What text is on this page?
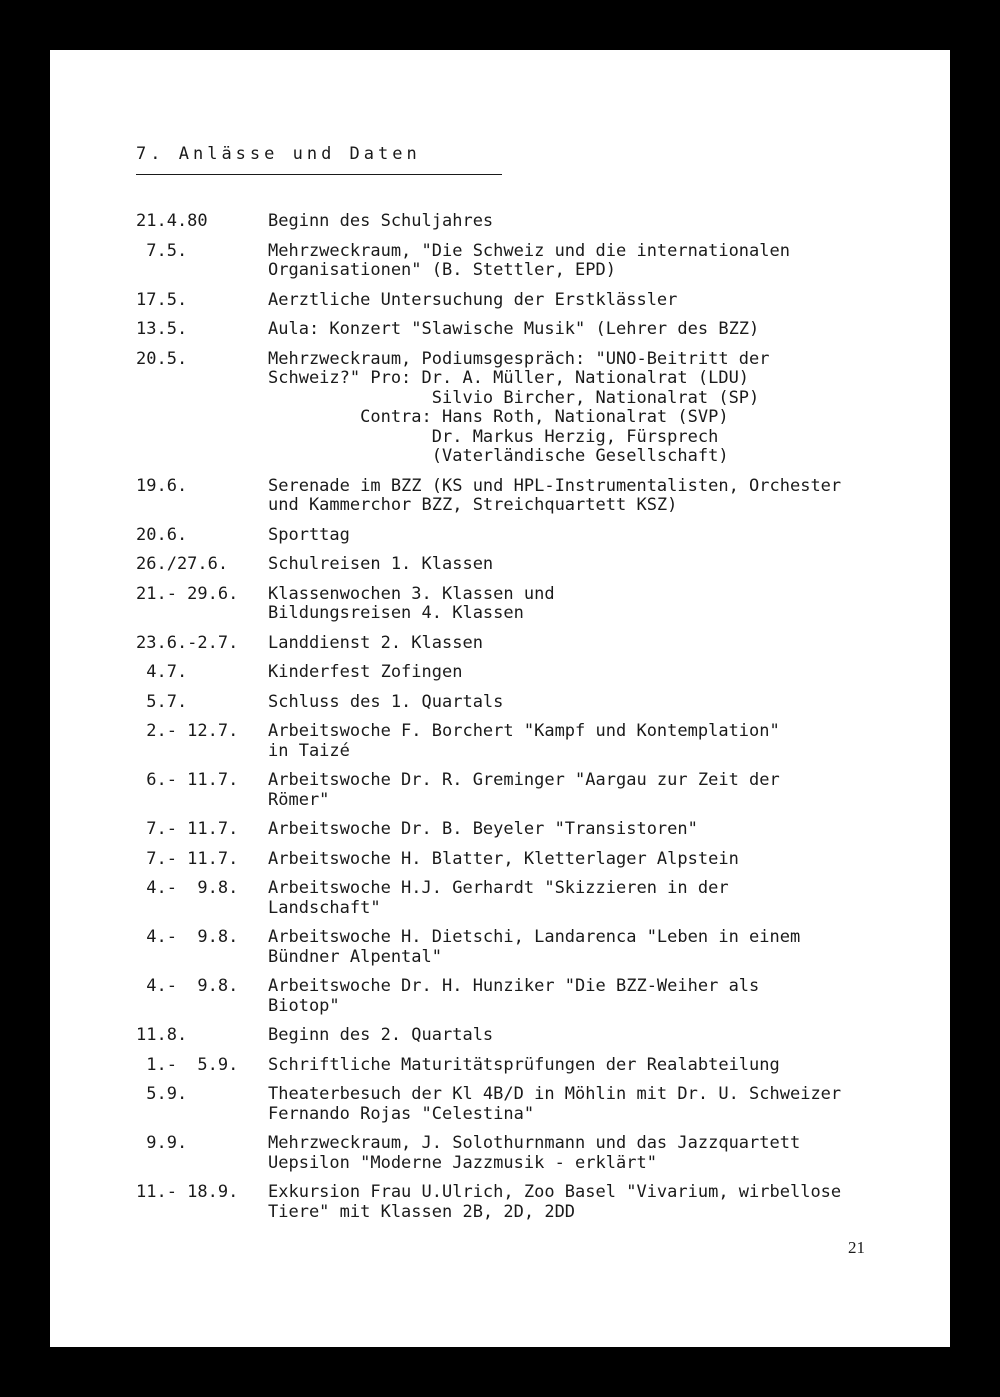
7. Anlässe und Daten
21.4.80	Beginn des Schuljahres
7.5.	Mehrzweckraum, "Die Schweiz und die internationalen
Organisationen" (B. Stettler, EPD)
17.5.	Aerztliche Untersuchung der Erstklässler
13.5.	Aula: Konzert "Slawische Musik" (Lehrer des BZZ)
20.5.	Mehrzweckraum, Podiumsgespräch: "UNO-Beitritt der
Schweiz?" Pro: Dr. A. Müller, Nationalrat (LDU)
Silvio Bircher, Nationalrat (SP)
Contra: Hans Roth, Nationalrat (SVP)
Dr. Markus Herzig, Fürsprech
(Vaterländische Gesellschaft)
19.6.	Serenade im BZZ (KS und HPL-Instrumentalisten, Orchester
und Kammerchor BZZ, Streichquartett KSZ)
20.6.	Sporttag
26./27.6.	Schulreisen 1. Klassen
21.- 29.6.	Klassenwochen 3. Klassen und
Bildungsreisen 4. Klassen
23.6.-2.7.	Landdienst 2. Klassen
4.7.	Kinderfest Zofingen
5.7.	Schluss des 1. Quartals
2.- 12.7.	Arbeitswoche F. Borchert "Kampf und Kontemplation"
in Taizé
6.- 11.7.	Arbeitswoche Dr. R. Greminger "Aargau zur Zeit der
Römer"
7.- 11.7.	Arbeitswoche Dr. B. Beyeler "Transistoren"
7.- 11.7.	Arbeitswoche H. Blatter, Kletterlager Alpstein
4.-  9.8.	Arbeitswoche H.J. Gerhardt "Skizzieren in der
Landschaft"
4.-  9.8.	Arbeitswoche H. Dietschi, Landarenca "Leben in einem
Bündner Alpental"
4.-  9.8.	Arbeitswoche Dr. H. Hunziker "Die BZZ-Weiher als
Biotop"
11.8.	Beginn des 2. Quartals
1.-  5.9.	Schriftliche Maturitätsprüfungen der Realabteilung
5.9.	Theaterbesuch der Kl 4B/D in Möhlin mit Dr. U. Schweizer
Fernando Rojas "Celestina"
9.9.	Mehrzweckraum, J. Solothurnmann und das Jazzquartett
Uepsilon "Moderne Jazzmusik - erklärt"
11.- 18.9.	Exkursion Frau U.Ulrich, Zoo Basel "Vivarium, wirbellose
Tiere" mit Klassen 2B, 2D, 2DD
21
